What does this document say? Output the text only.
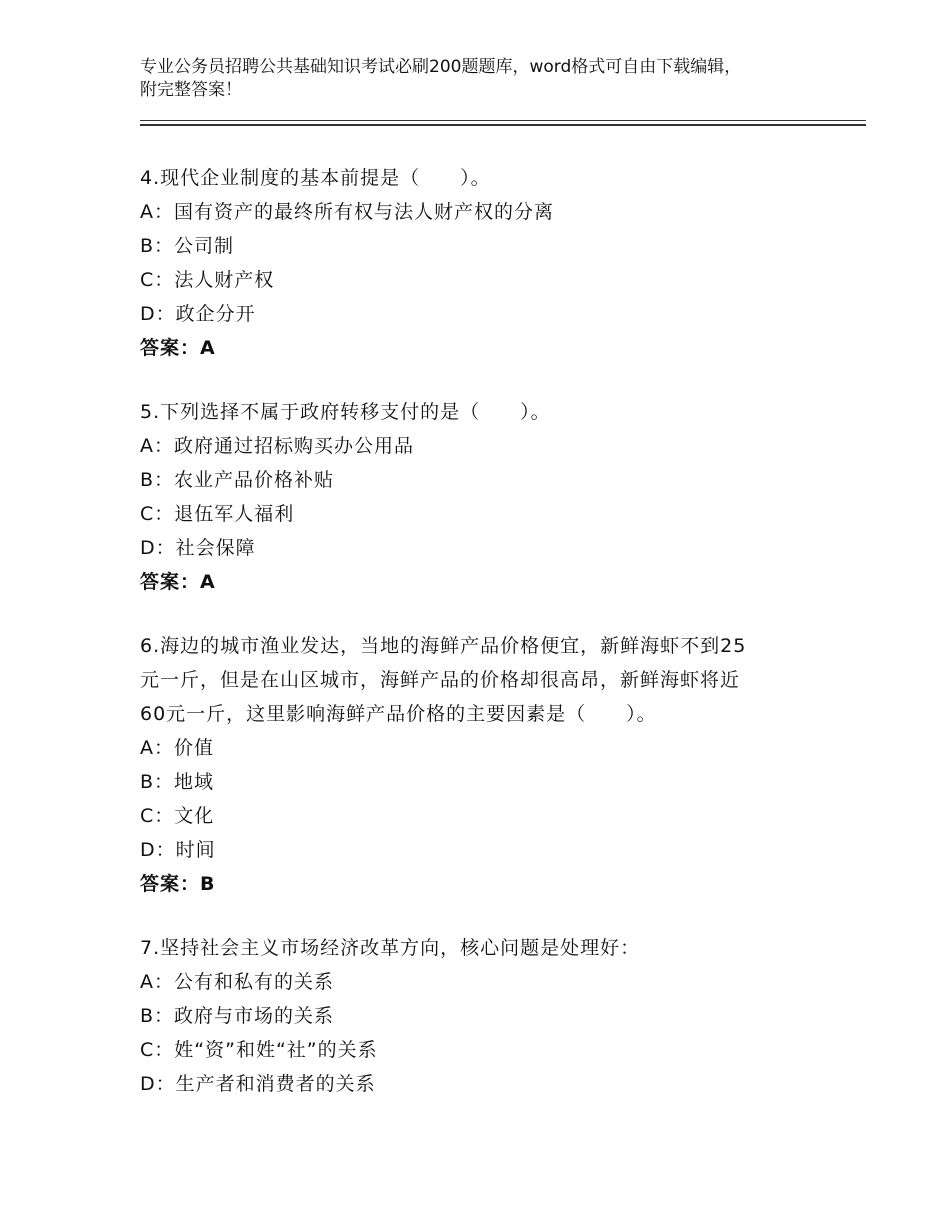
专业公务员招聘公共基础知识考试必刷200题题库，word格式可自由下载编辑，
附完整答案！
4.现代企业制度的基本前提是（　　）。
A：国有资产的最终所有权与法人财产权的分离
B：公司制
C：法人财产权
D：政企分开
答案：A
5.下列选择不属于政府转移支付的是（　　）。
A：政府通过招标购买办公用品
B：农业产品价格补贴
C：退伍军人福利
D：社会保障
答案：A
6.海边的城市渔业发达，当地的海鲜产品价格便宜，新鲜海虾不到25
元一斤，但是在山区城市，海鲜产品的价格却很高昂，新鲜海虾将近
60元一斤，这里影响海鲜产品价格的主要因素是（　　）。
A：价值
B：地域
C：文化
D：时间
答案：B
7.坚持社会主义市场经济改革方向，核心问题是处理好：
A：公有和私有的关系
B：政府与市场的关系
C：姓“资”和姓“社”的关系
D：生产者和消费者的关系
